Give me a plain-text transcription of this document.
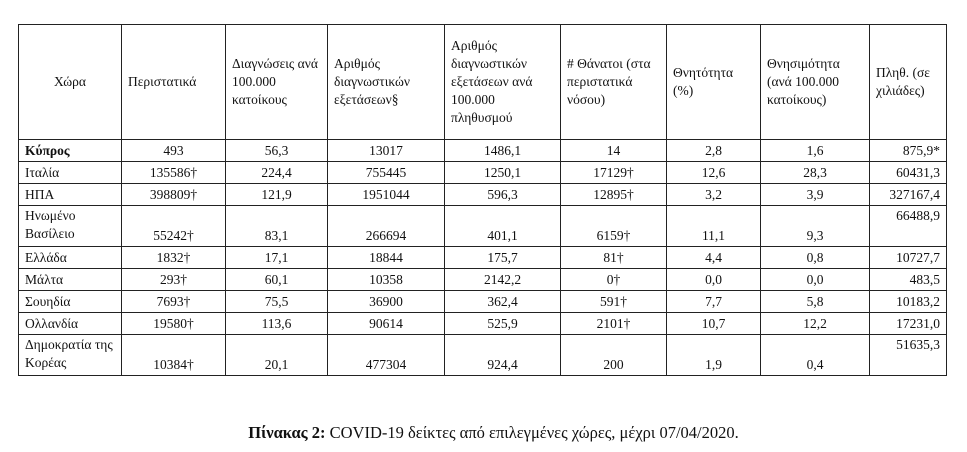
Χώρα	Περιστατικά	Διαγνώσεις ανά 100.000 κατοίκους	Αριθμός διαγνωστικών εξετάσεων§	Αριθμός διαγνωστικών εξετάσεων ανά 100.000 πληθυσμού	# Θάνατοι (στα περιστατικά νόσου)	Θνητότητα (%)	Θνησιμότητα (ανά 100.000 κατοίκους)	Πληθ. (σε χιλιάδες)
Κύπρος	493	56,3	13017	1486,1	14	2,8	1,6	875,9*
Ιταλία	135586†	224,4	755445	1250,1	17129†	12,6	28,3	60431,3
ΗΠΑ	398809†	121,9	1951044	596,3	12895†	3,2	3,9	327167,4
Ηνωμένο Βασίλειο	55242†	83,1	266694	401,1	6159†	11,1	9,3	66488,9
Ελλάδα	1832†	17,1	18844	175,7	81†	4,4	0,8	10727,7
Μάλτα	293†	60,1	10358	2142,2	0†	0,0	0,0	483,5
Σουηδία	7693†	75,5	36900	362,4	591†	7,7	5,8	10183,2
Ολλανδία	19580†	113,6	90614	525,9	2101†	10,7	12,2	17231,0
Δημοκρατία της Κορέας	10384†	20,1	477304	924,4	200	1,9	0,4	51635,3
Πίνακας 2: COVID-19 δείκτες από επιλεγμένες χώρες, μέχρι 07/04/2020.
